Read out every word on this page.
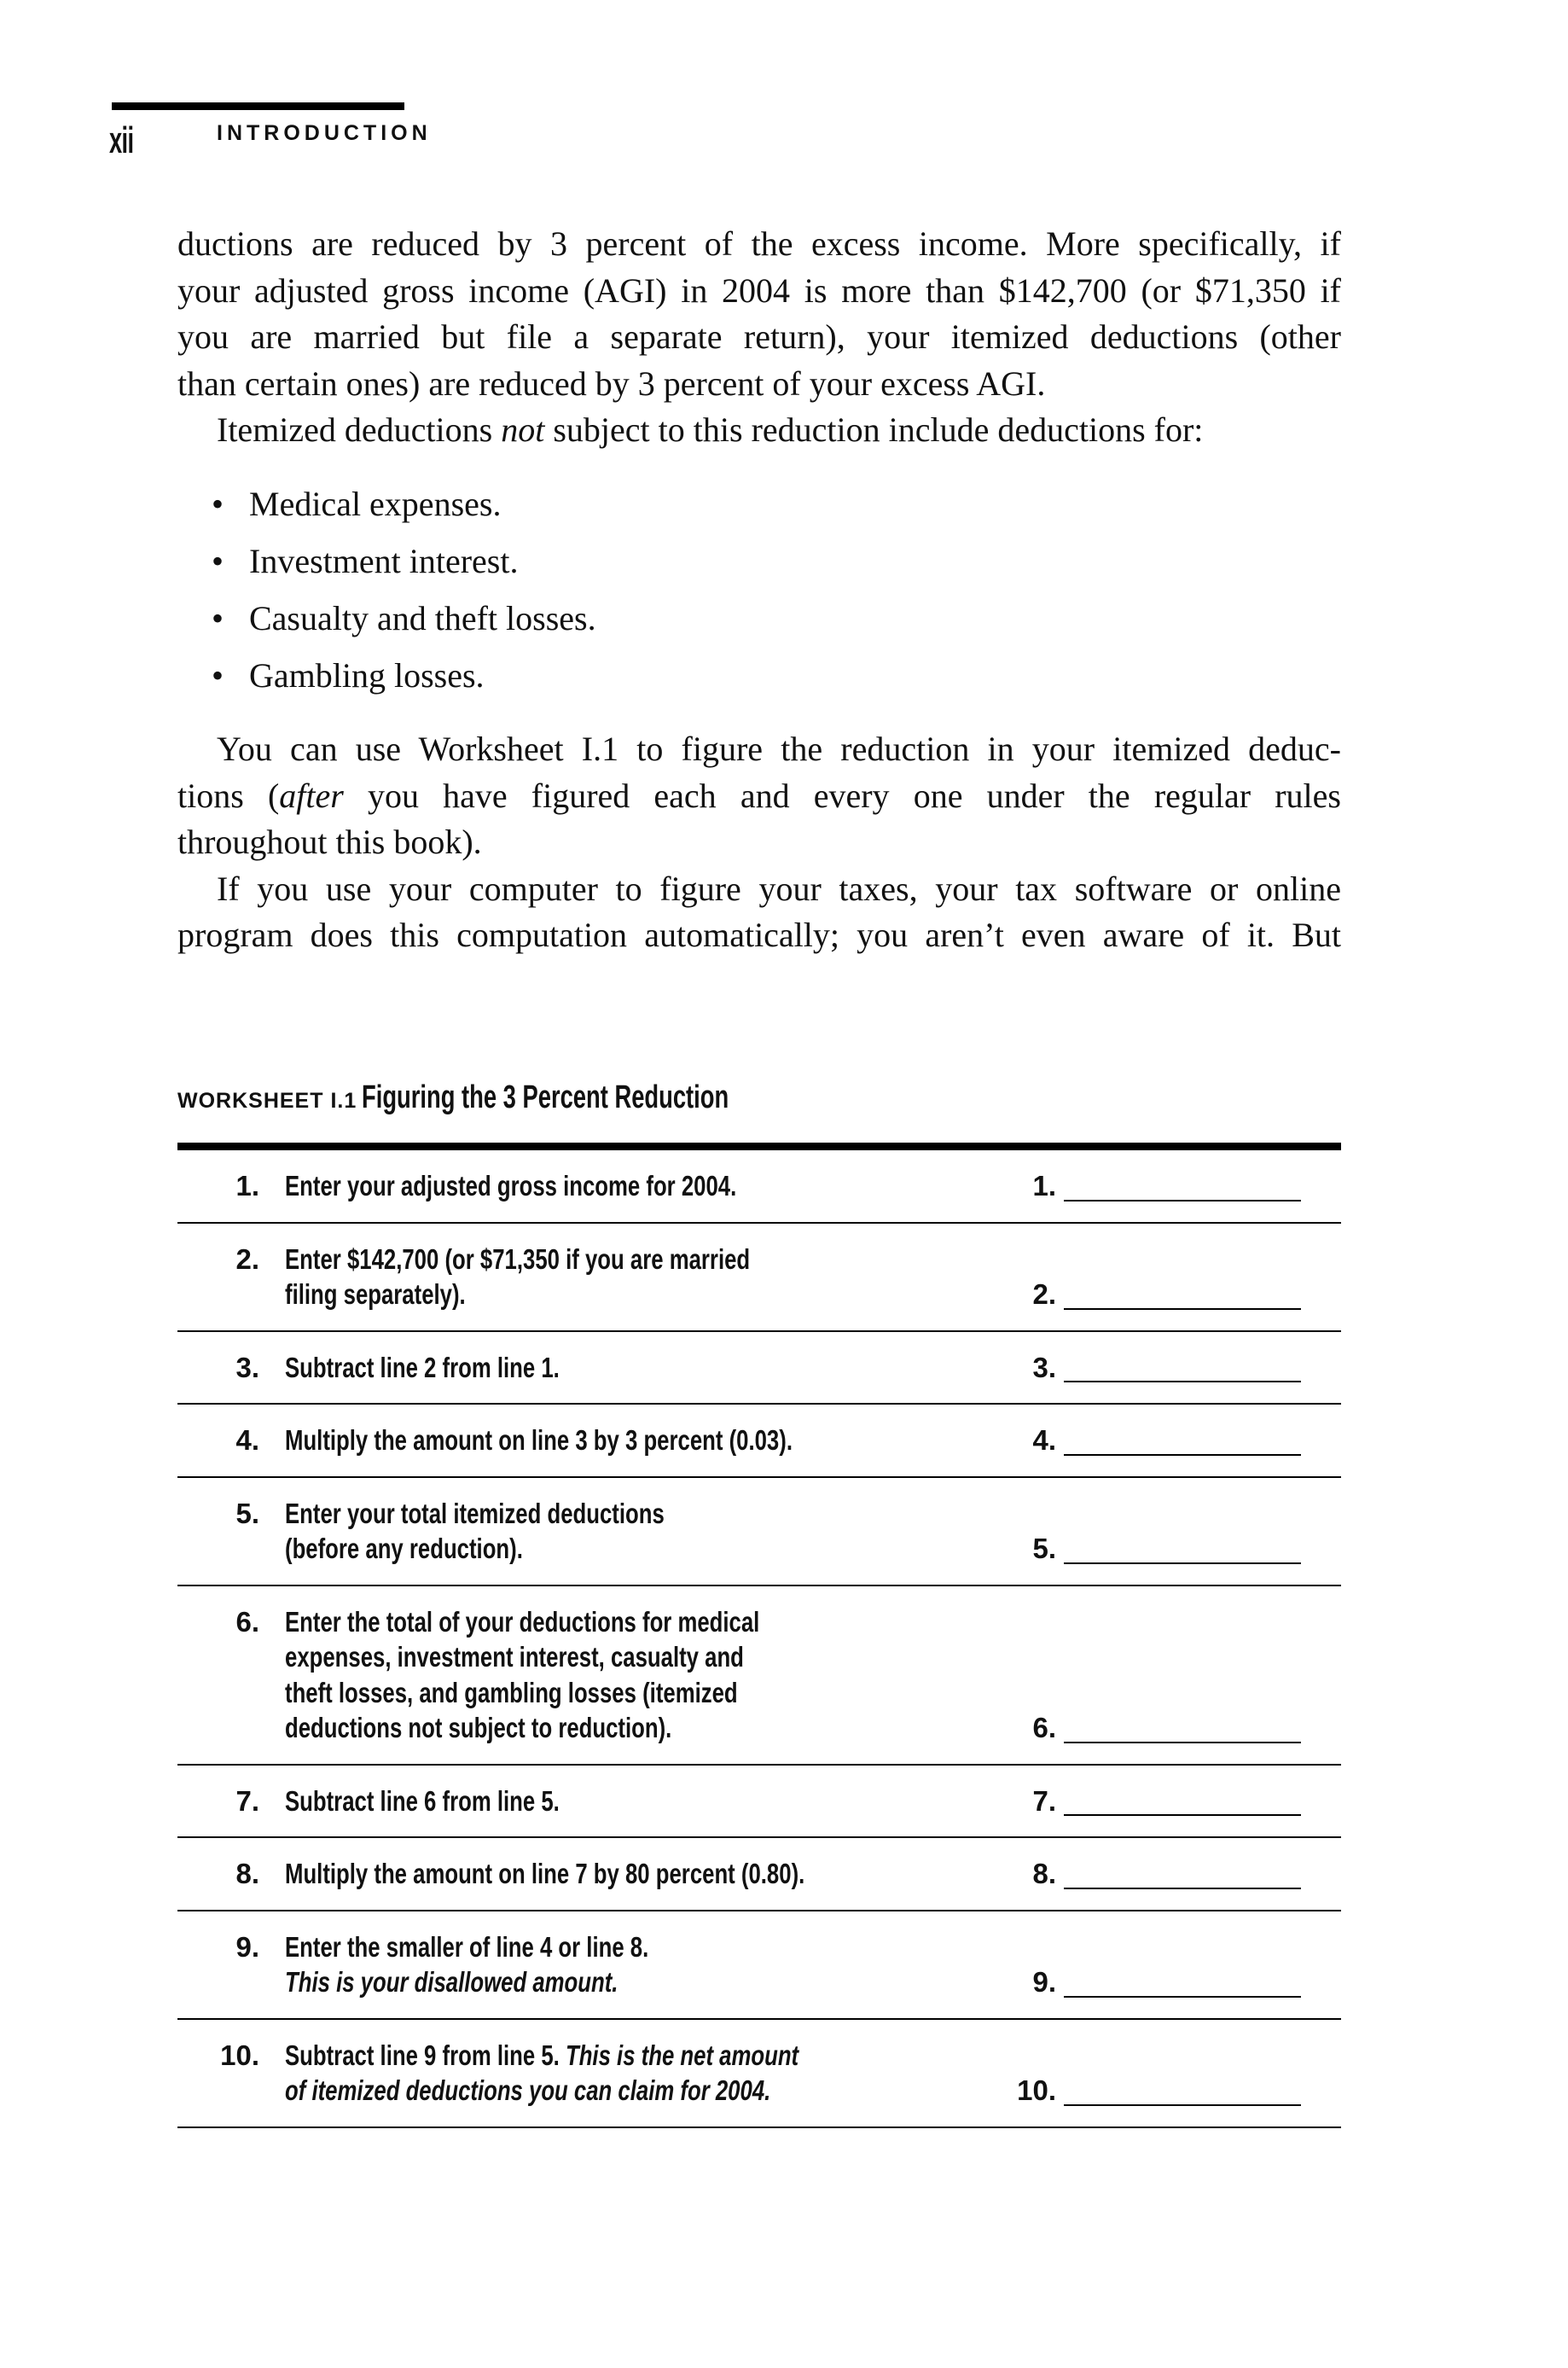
xii	INTRODUCTION
ductions are reduced by 3 percent of the excess income. More specifically, if
your adjusted gross income (AGI) in 2004 is more than $142,700 (or $71,350 if
you are married but file a separate return), your itemized deductions (other
than certain ones) are reduced by 3 percent of your excess AGI.
Itemized deductions not subject to this reduction include deductions for:
• Medical expenses.
• Investment interest.
• Casualty and theft losses.
• Gambling losses.
You can use Worksheet I.1 to figure the reduction in your itemized deduc-
tions (after you have figured each and every one under the regular rules
throughout this book).
If you use your computer to figure your taxes, your tax software or online
program does this computation automatically; you aren’t even aware of it. But
WORKSHEET I.1 Figuring the 3 Percent Reduction
1. Enter your adjusted gross income for 2004.	1.
2. Enter $142,700 (or $71,350 if you are married
filing separately).	2.
3. Subtract line 2 from line 1.	3.
4. Multiply the amount on line 3 by 3 percent (0.03).	4.
5. Enter your total itemized deductions
(before any reduction).	5.
6. Enter the total of your deductions for medical
expenses, investment interest, casualty and
theft losses, and gambling losses (itemized
deductions not subject to reduction).	6.
7. Subtract line 6 from line 5.	7.
8. Multiply the amount on line 7 by 80 percent (0.80).	8.
9. Enter the smaller of line 4 or line 8.
This is your disallowed amount.	9.
10. Subtract line 9 from line 5. This is the net amount
of itemized deductions you can claim for 2004.	10.
